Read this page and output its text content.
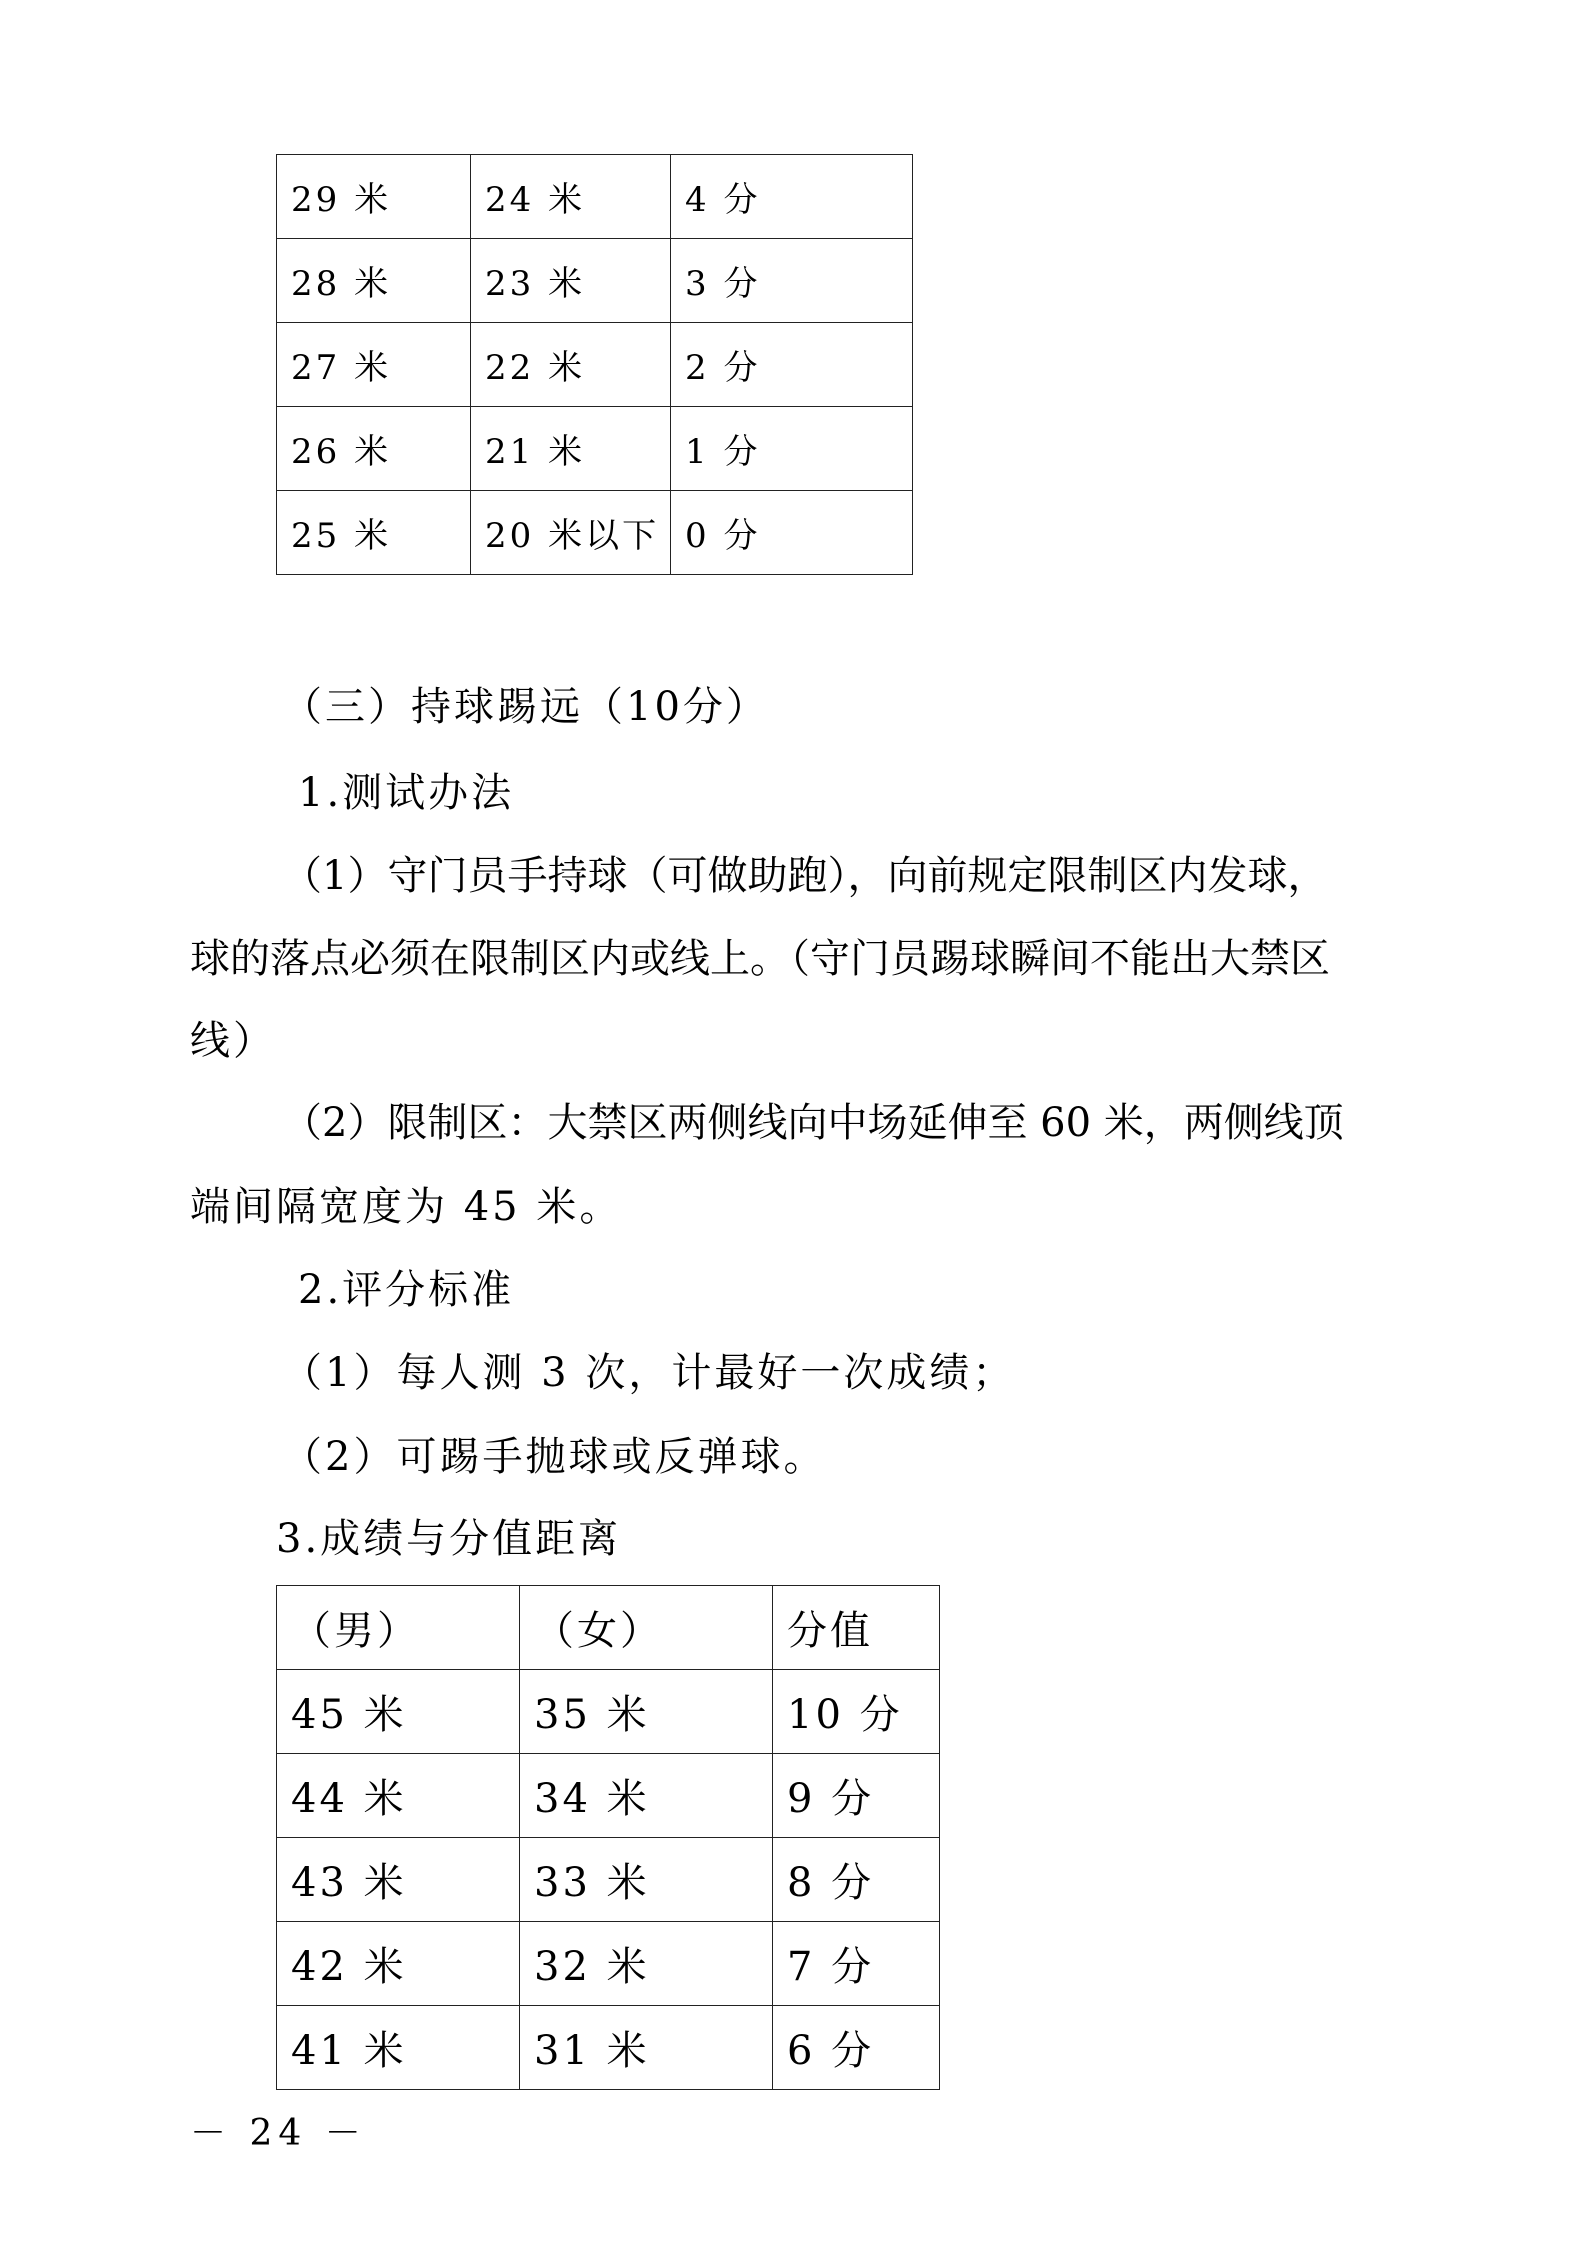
29 米	24 米	4 分
28 米	23 米	3 分
27 米	22 米	2 分
26 米	21 米	1 分
25 米	20 米以下	0 分
（三）持球踢远（10分）
1.测试办法
（1）守门员手持球（可做助跑），向前规定限制区内发球，
球的落点必须在限制区内或线上。（守门员踢球瞬间不能出大禁区
线）
（2）限制区：大禁区两侧线向中场延伸至 60 米，两侧线顶
端间隔宽度为 45 米。
2.评分标准
（1）每人测 3 次，计最好一次成绩；
（2）可踢手抛球或反弹球。
3.成绩与分值距离
（男）	（女）	分值
45 米	35 米	10 分
44 米	34 米	9 分
43 米	33 米	8 分
42 米	32 米	7 分
41 米	31 米	6 分
－ 24 －
